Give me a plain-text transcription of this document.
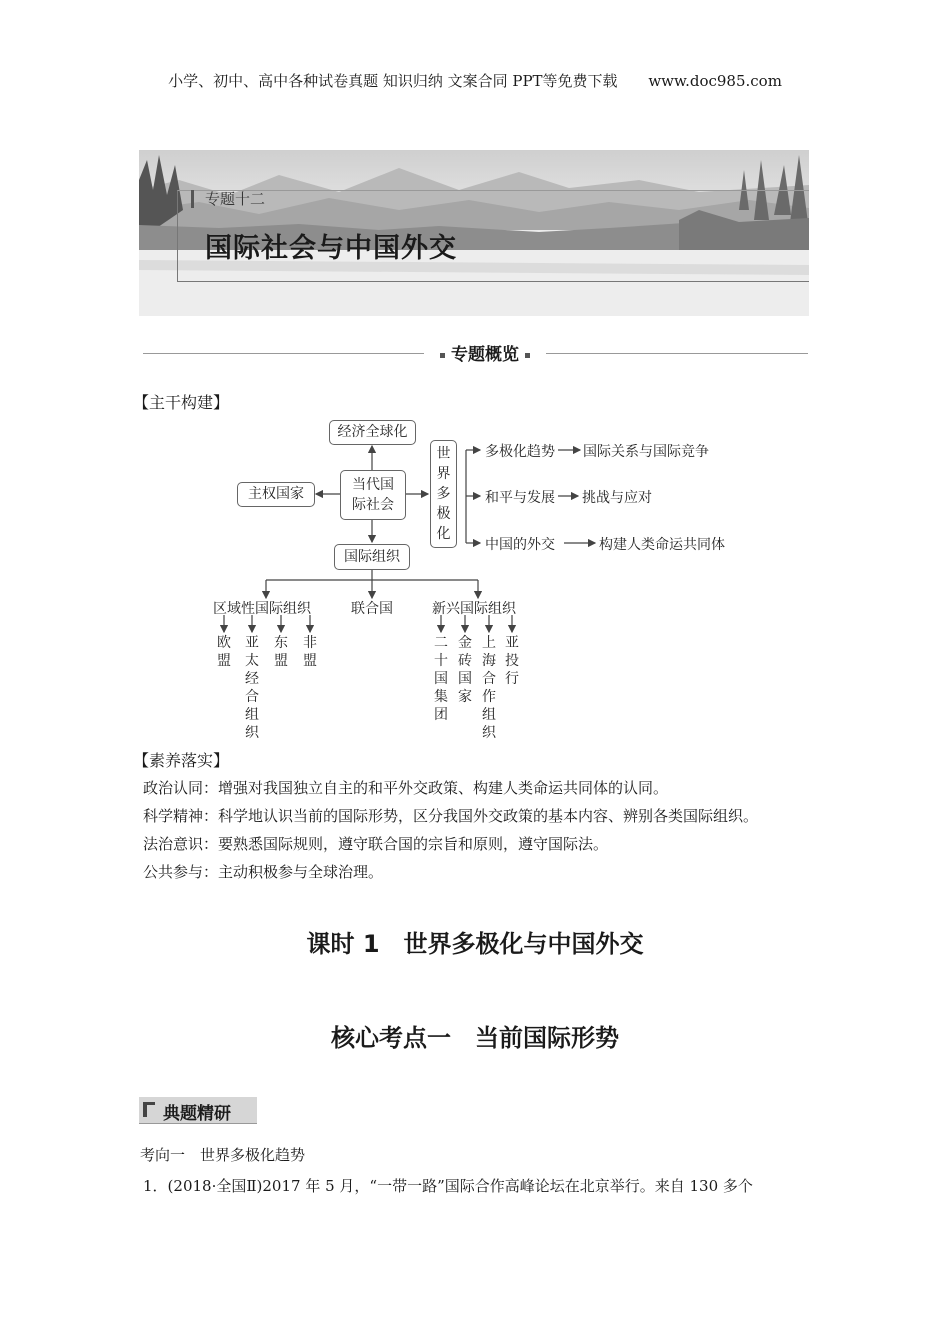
小学、初中、高中各种试卷真题 知识归纳 文案合同 PPT等免费下载 www.doc985.com
专题十二
国际社会与中国外交
专题概览
【主干构建】
经济全球化
当代国际社会
主权国家
国际组织
世界多极化
多极化趋势 国际关系与国际竞争
和平与发展 挑战与应对
中国的外交	构建人类命运共同体
区域性国际组织	联合国	新兴国际组织
欧盟
亚太经合组织
东盟
非盟
二十国集团
金砖国家
上海合作组织
亚投行
【素养落实】
政治认同：增强对我国独立自主的和平外交政策、构建人类命运共同体的认同。
科学精神：科学地认识当前的国际形势，区分我国外交政策的基本内容、辨别各类国际组织。
法治意识：要熟悉国际规则，遵守联合国的宗旨和原则，遵守国际法。
公共参与：主动积极参与全球治理。
课时 1　世界多极化与中国外交
核心考点一　当前国际形势
典题精研
考向一　世界多极化趋势
1．(2018·全国Ⅱ)2017 年 5 月，“一带一路”国际合作高峰论坛在北京举行。来自 130 多个
